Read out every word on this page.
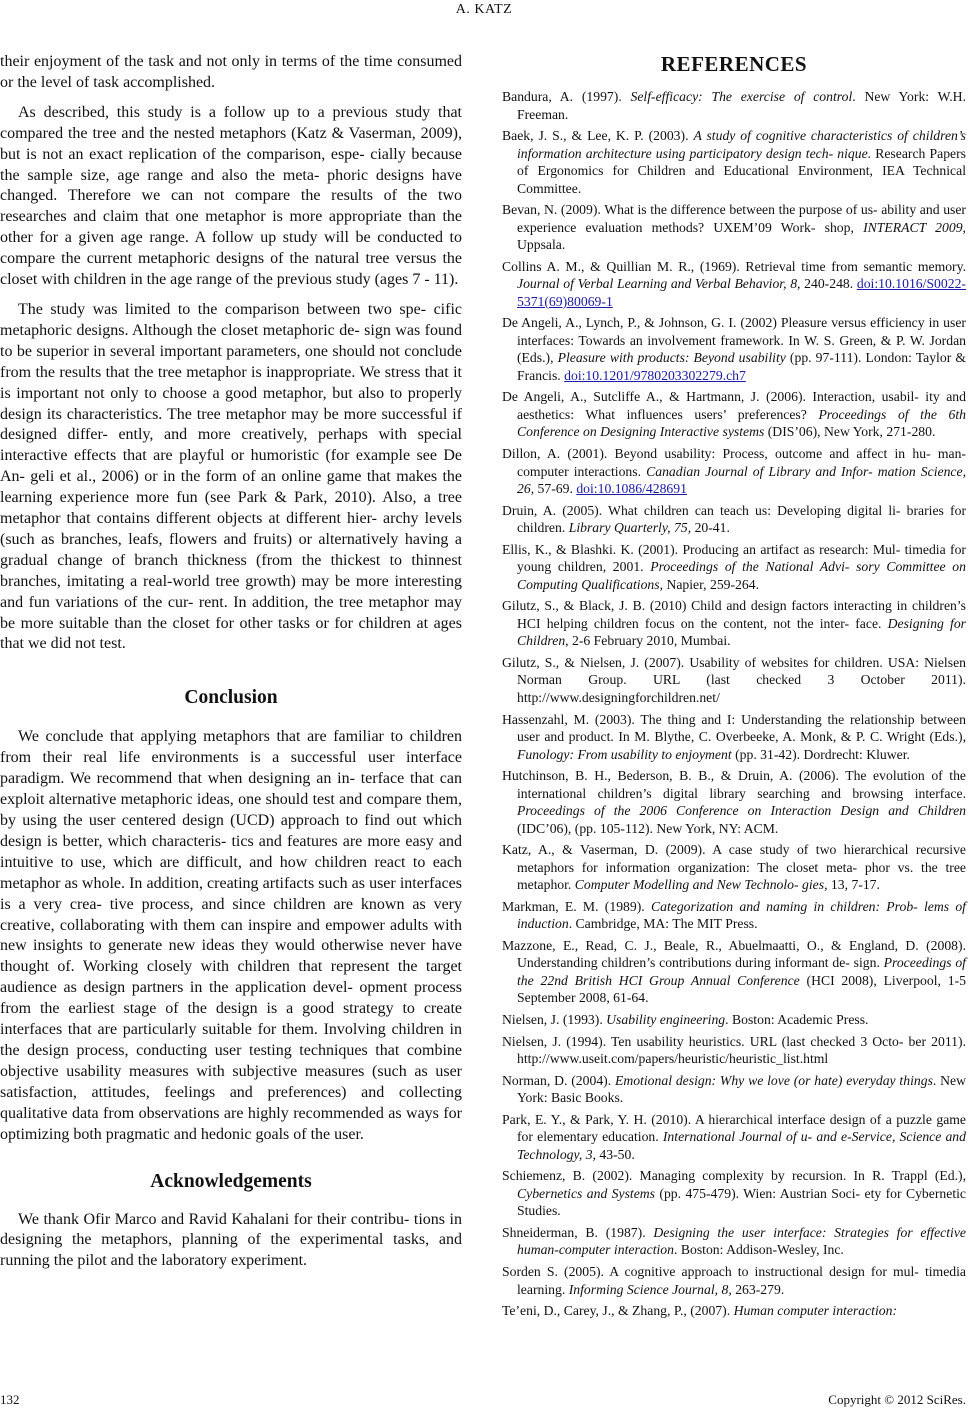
A. KATZ

their enjoyment of the task and not only in terms of the time consumed or the level of task accomplished.

As described, this study is a follow up to a previous study that compared the tree and the nested metaphors (Katz & Vaserman, 2009), but is not an exact replication of the comparison, espe- cially because the sample size, age range and also the meta- phoric designs have changed. Therefore we can not compare the results of the two researches and claim that one metaphor is more appropriate than the other for a given age range. A follow up study will be conducted to compare the current metaphoric designs of the natural tree versus the closet with children in the age range of the previous study (ages 7 - 11).

The study was limited to the comparison between two spe- cific metaphoric designs. Although the closet metaphoric de- sign was found to be superior in several important parameters, one should not conclude from the results that the tree metaphor is inappropriate. We stress that it is important not only to choose a good metaphor, but also to properly design its characteristics. The tree metaphor may be more successful if designed differ- ently, and more creatively, perhaps with special interactive effects that are playful or humoristic (for example see De An- geli et al., 2006) or in the form of an online game that makes the learning experience more fun (see Park & Park, 2010). Also, a tree metaphor that contains different objects at different hier- archy levels (such as branches, leafs, flowers and fruits) or alternatively having a gradual change of branch thickness (from the thickest to thinnest branches, imitating a real-world tree growth) may be more interesting and fun variations of the cur- rent. In addition, the tree metaphor may be more suitable than the closet for other tasks or for children at ages that we did not test.

Conclusion

We conclude that applying metaphors that are familiar to children from their real life environments is a successful user interface paradigm. We recommend that when designing an in- terface that can exploit alternative metaphoric ideas, one should test and compare them, by using the user centered design (UCD) approach to find out which design is better, which characteris- tics and features are more easy and intuitive to use, which are difficult, and how children react to each metaphor as whole. In addition, creating artifacts such as user interfaces is a very crea- tive process, and since children are known as very creative, collaborating with them can inspire and empower adults with new insights to generate new ideas they would otherwise never have thought of. Working closely with children that represent the target audience as design partners in the application devel- opment process from the earliest stage of the design is a good strategy to create interfaces that are particularly suitable for them. Involving children in the design process, conducting user testing techniques that combine objective usability measures with subjective measures (such as user satisfaction, attitudes, feelings and preferences) and collecting qualitative data from observations are highly recommended as ways for optimizing both pragmatic and hedonic goals of the user.

Acknowledgements

We thank Ofir Marco and Ravid Kahalani for their contribu- tions in designing the metaphors, planning of the experimental tasks, and running the pilot and the laboratory experiment.

REFERENCES
Bandura, A. (1997). Self-efficacy: The exercise of control. New York: W.H. Freeman.
Baek, J. S., & Lee, K. P. (2003). A study of cognitive characteristics of children’s information architecture using participatory design tech- nique. Research Papers of Ergonomics for Children and Educational Environment, IEA Technical Committee.
Bevan, N. (2009). What is the difference between the purpose of us- ability and user experience evaluation methods? UXEM’09 Work- shop, INTERACT 2009, Uppsala.
Collins A. M., & Quillian M. R., (1969). Retrieval time from semantic memory. Journal of Verbal Learning and Verbal Behavior, 8, 240-248. doi:10.1016/S0022-5371(69)80069-1
De Angeli, A., Lynch, P., & Johnson, G. I. (2002) Pleasure versus efficiency in user interfaces: Towards an involvement framework. In W. S. Green, & P. W. Jordan (Eds.), Pleasure with products: Beyond usability (pp. 97-111). London: Taylor & Francis. doi:10.1201/9780203302279.ch7
De Angeli, A., Sutcliffe A., & Hartmann, J. (2006). Interaction, usabil- ity and aesthetics: What influences users’ preferences? Proceedings of the 6th Conference on Designing Interactive systems (DIS’06), New York, 271-280.
Dillon, A. (2001). Beyond usability: Process, outcome and affect in hu- man-computer interactions. Canadian Journal of Library and Infor- mation Science, 26, 57-69. doi:10.1086/428691
Druin, A. (2005). What children can teach us: Developing digital li- braries for children. Library Quarterly, 75, 20-41.
Ellis, K., & Blashki. K. (2001). Producing an artifact as research: Mul- timedia for young children, 2001. Proceedings of the National Advi- sory Committee on Computing Qualifications, Napier, 259-264.
Gilutz, S., & Black, J. B. (2010) Child and design factors interacting in children’s HCI helping children focus on the content, not the inter- face. Designing for Children, 2-6 February 2010, Mumbai.
Gilutz, S., & Nielsen, J. (2007). Usability of websites for children. USA: Nielsen Norman Group. URL (last checked 3 October 2011). http://www.designingforchildren.net/
Hassenzahl, M. (2003). The thing and I: Understanding the relationship between user and product. In M. Blythe, C. Overbeeke, A. Monk, & P. C. Wright (Eds.), Funology: From usability to enjoyment (pp. 31-42). Dordrecht: Kluwer.
Hutchinson, B. H., Bederson, B. B., & Druin, A. (2006). The evolution of the international children’s digital library searching and browsing interface. Proceedings of the 2006 Conference on Interaction Design and Children (IDC’06), (pp. 105-112). New York, NY: ACM.
Katz, A., & Vaserman, D. (2009). A case study of two hierarchical recursive metaphors for information organization: The closet meta- phor vs. the tree metaphor. Computer Modelling and New Technolo- gies, 13, 7-17.
Markman, E. M. (1989). Categorization and naming in children: Prob- lems of induction. Cambridge, MA: The MIT Press.
Mazzone, E., Read, C. J., Beale, R., Abuelmaatti, O., & England, D. (2008). Understanding children’s contributions during informant de- sign. Proceedings of the 22nd British HCI Group Annual Conference (HCI 2008), Liverpool, 1-5 September 2008, 61-64.
Nielsen, J. (1993). Usability engineering. Boston: Academic Press.
Nielsen, J. (1994). Ten usability heuristics. URL (last checked 3 Octo- ber 2011). http://www.useit.com/papers/heuristic/heuristic_list.html
Norman, D. (2004). Emotional design: Why we love (or hate) everyday things. New York: Basic Books.
Park, E. Y., & Park, Y. H. (2010). A hierarchical interface design of a puzzle game for elementary education. International Journal of u- and e-Service, Science and Technology, 3, 43-50.
Schiemenz, B. (2002). Managing complexity by recursion. In R. Trappl (Ed.), Cybernetics and Systems (pp. 475-479). Wien: Austrian Soci- ety for Cybernetic Studies.
Shneiderman, B. (1987). Designing the user interface: Strategies for effective human-computer interaction. Boston: Addison-Wesley, Inc.
Sorden S. (2005). A cognitive approach to instructional design for mul- timedia learning. Informing Science Journal, 8, 263-279.
Te’eni, D., Carey, J., & Zhang, P., (2007). Human computer interaction:
132	Copyright © 2012 SciRes.
